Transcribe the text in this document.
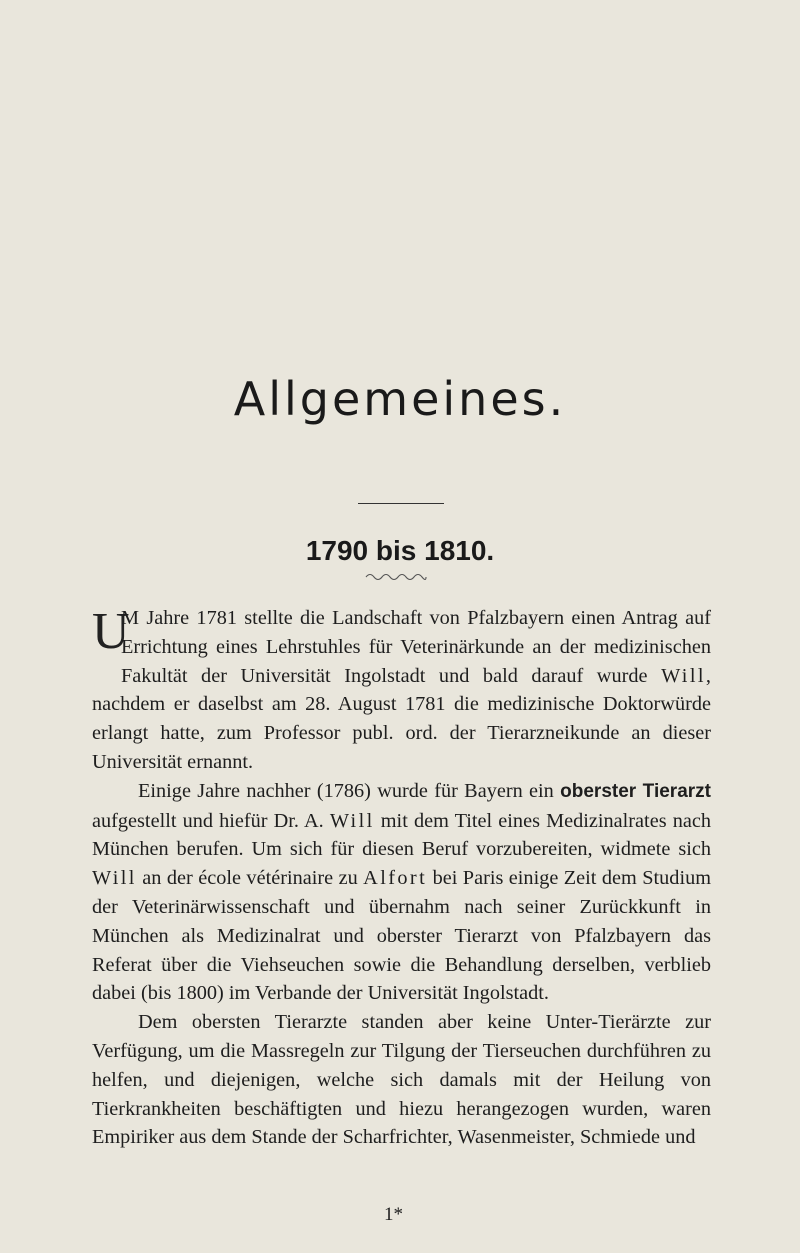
Allgemeines.
1790 bis 1810.

U
M Jahre 1781 stellte die Landschaft von Pfalzbayern einen Antrag auf Errichtung eines Lehrstuhles für Veterinärkunde an der medizinischen Fakultät der Universität Ingolstadt und bald darauf wurde Will, nachdem er daselbst am 28. August 1781 die medizinische Doktorwürde erlangt hatte, zum Professor publ. ord. der Tierarzneikunde an dieser Universität ernannt.

Einige Jahre nachher (1786) wurde für Bayern ein oberster Tierarzt aufgestellt und hiefür Dr. A. Will mit dem Titel eines Medizinalrates nach München berufen. Um sich für diesen Beruf vorzubereiten, widmete sich Will an der école vétérinaire zu Alfort bei Paris einige Zeit dem Studium der Veterinärwissenschaft und übernahm nach seiner Zurückkunft in München als Medizinalrat und oberster Tierarzt von Pfalzbayern das Referat über die Viehseuchen sowie die Behandlung derselben, verblieb dabei (bis 1800) im Verbande der Universität Ingolstadt.

Dem obersten Tierarzte standen aber keine Unter-Tierärzte zur Verfügung, um die Massregeln zur Tilgung der Tierseuchen durchführen zu helfen, und diejenigen, welche sich damals mit der Heilung von Tierkrankheiten beschäftigten und hiezu herangezogen wurden, waren Empiriker aus dem Stande der Scharfrichter, Wasenmeister, Schmiede und

1*
